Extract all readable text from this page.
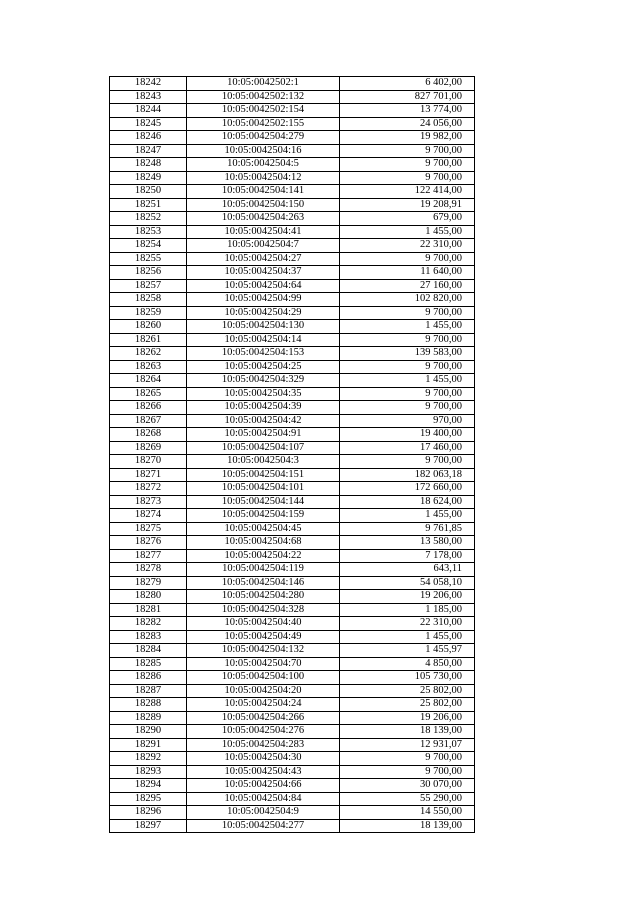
18242	10:05:0042502:1	6 402,00
18243	10:05:0042502:132	827 701,00
18244	10:05:0042502:154	13 774,00
18245	10:05:0042502:155	24 056,00
18246	10:05:0042504:279	19 982,00
18247	10:05:0042504:16	9 700,00
18248	10:05:0042504:5	9 700,00
18249	10:05:0042504:12	9 700,00
18250	10:05:0042504:141	122 414,00
18251	10:05:0042504:150	19 208,91
18252	10:05:0042504:263	679,00
18253	10:05:0042504:41	1 455,00
18254	10:05:0042504:7	22 310,00
18255	10:05:0042504:27	9 700,00
18256	10:05:0042504:37	11 640,00
18257	10:05:0042504:64	27 160,00
18258	10:05:0042504:99	102 820,00
18259	10:05:0042504:29	9 700,00
18260	10:05:0042504:130	1 455,00
18261	10:05:0042504:14	9 700,00
18262	10:05:0042504:153	139 583,00
18263	10:05:0042504:25	9 700,00
18264	10:05:0042504:329	1 455,00
18265	10:05:0042504:35	9 700,00
18266	10:05:0042504:39	9 700,00
18267	10:05:0042504:42	970,00
18268	10:05:0042504:91	19 400,00
18269	10:05:0042504:107	17 460,00
18270	10:05:0042504:3	9 700,00
18271	10:05:0042504:151	182 063,18
18272	10:05:0042504:101	172 660,00
18273	10:05:0042504:144	18 624,00
18274	10:05:0042504:159	1 455,00
18275	10:05:0042504:45	9 761,85
18276	10:05:0042504:68	13 580,00
18277	10:05:0042504:22	7 178,00
18278	10:05:0042504:119	643,11
18279	10:05:0042504:146	54 058,10
18280	10:05:0042504:280	19 206,00
18281	10:05:0042504:328	1 185,00
18282	10:05:0042504:40	22 310,00
18283	10:05:0042504:49	1 455,00
18284	10:05:0042504:132	1 455,97
18285	10:05:0042504:70	4 850,00
18286	10:05:0042504:100	105 730,00
18287	10:05:0042504:20	25 802,00
18288	10:05:0042504:24	25 802,00
18289	10:05:0042504:266	19 206,00
18290	10:05:0042504:276	18 139,00
18291	10:05:0042504:283	12 931,07
18292	10:05:0042504:30	9 700,00
18293	10:05:0042504:43	9 700,00
18294	10:05:0042504:66	30 070,00
18295	10:05:0042504:84	55 290,00
18296	10:05:0042504:9	14 550,00
18297	10:05:0042504:277	18 139,00
